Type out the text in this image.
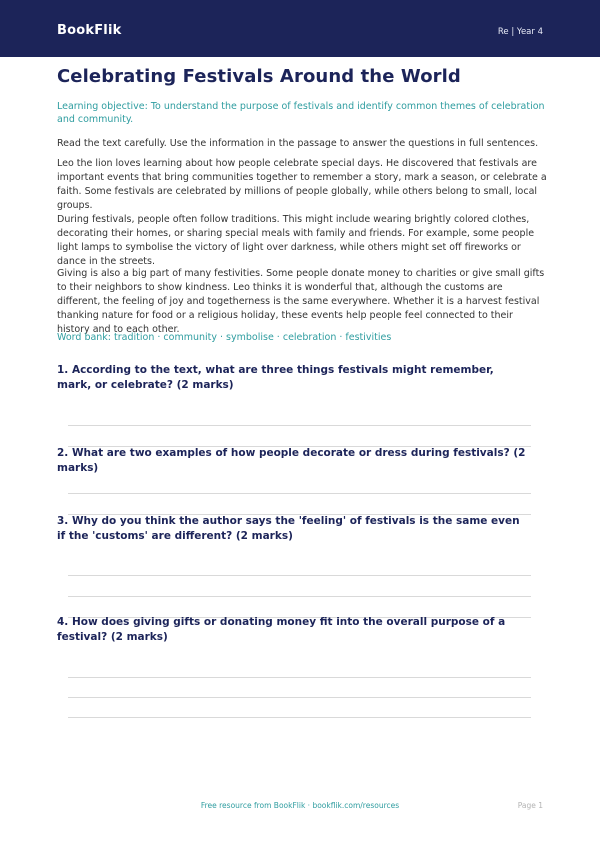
BookFlik	Re | Year 4
Celebrating Festivals Around the World
Learning objective: To understand the purpose of festivals and identify common themes of celebration and community.
Read the text carefully. Use the information in the passage to answer the questions in full sentences.
Leo the lion loves learning about how people celebrate special days. He discovered that festivals are important events that bring communities together to remember a story, mark a season, or celebrate a faith. Some festivals are celebrated by millions of people globally, while others belong to small, local groups.
During festivals, people often follow traditions. This might include wearing brightly colored clothes, decorating their homes, or sharing special meals with family and friends. For example, some people light lamps to symbolise the victory of light over darkness, while others might set off fireworks or dance in the streets.
Giving is also a big part of many festivities. Some people donate money to charities or give small gifts to their neighbors to show kindness. Leo thinks it is wonderful that, although the customs are different, the feeling of joy and togetherness is the same everywhere. Whether it is a harvest festival thanking nature for food or a religious holiday, these events help people feel connected to their history and to each other.
Word bank: tradition · community · symbolise · celebration · festivities
1. According to the text, what are three things festivals might remember, mark, or celebrate? (2 marks)
2. What are two examples of how people decorate or dress during festivals? (2 marks)
3. Why do you think the author says the 'feeling' of festivals is the same even if the 'customs' are different? (2 marks)
4. How does giving gifts or donating money fit into the overall purpose of a festival? (2 marks)
Free resource from BookFlik · bookflik.com/resources	Page 1
